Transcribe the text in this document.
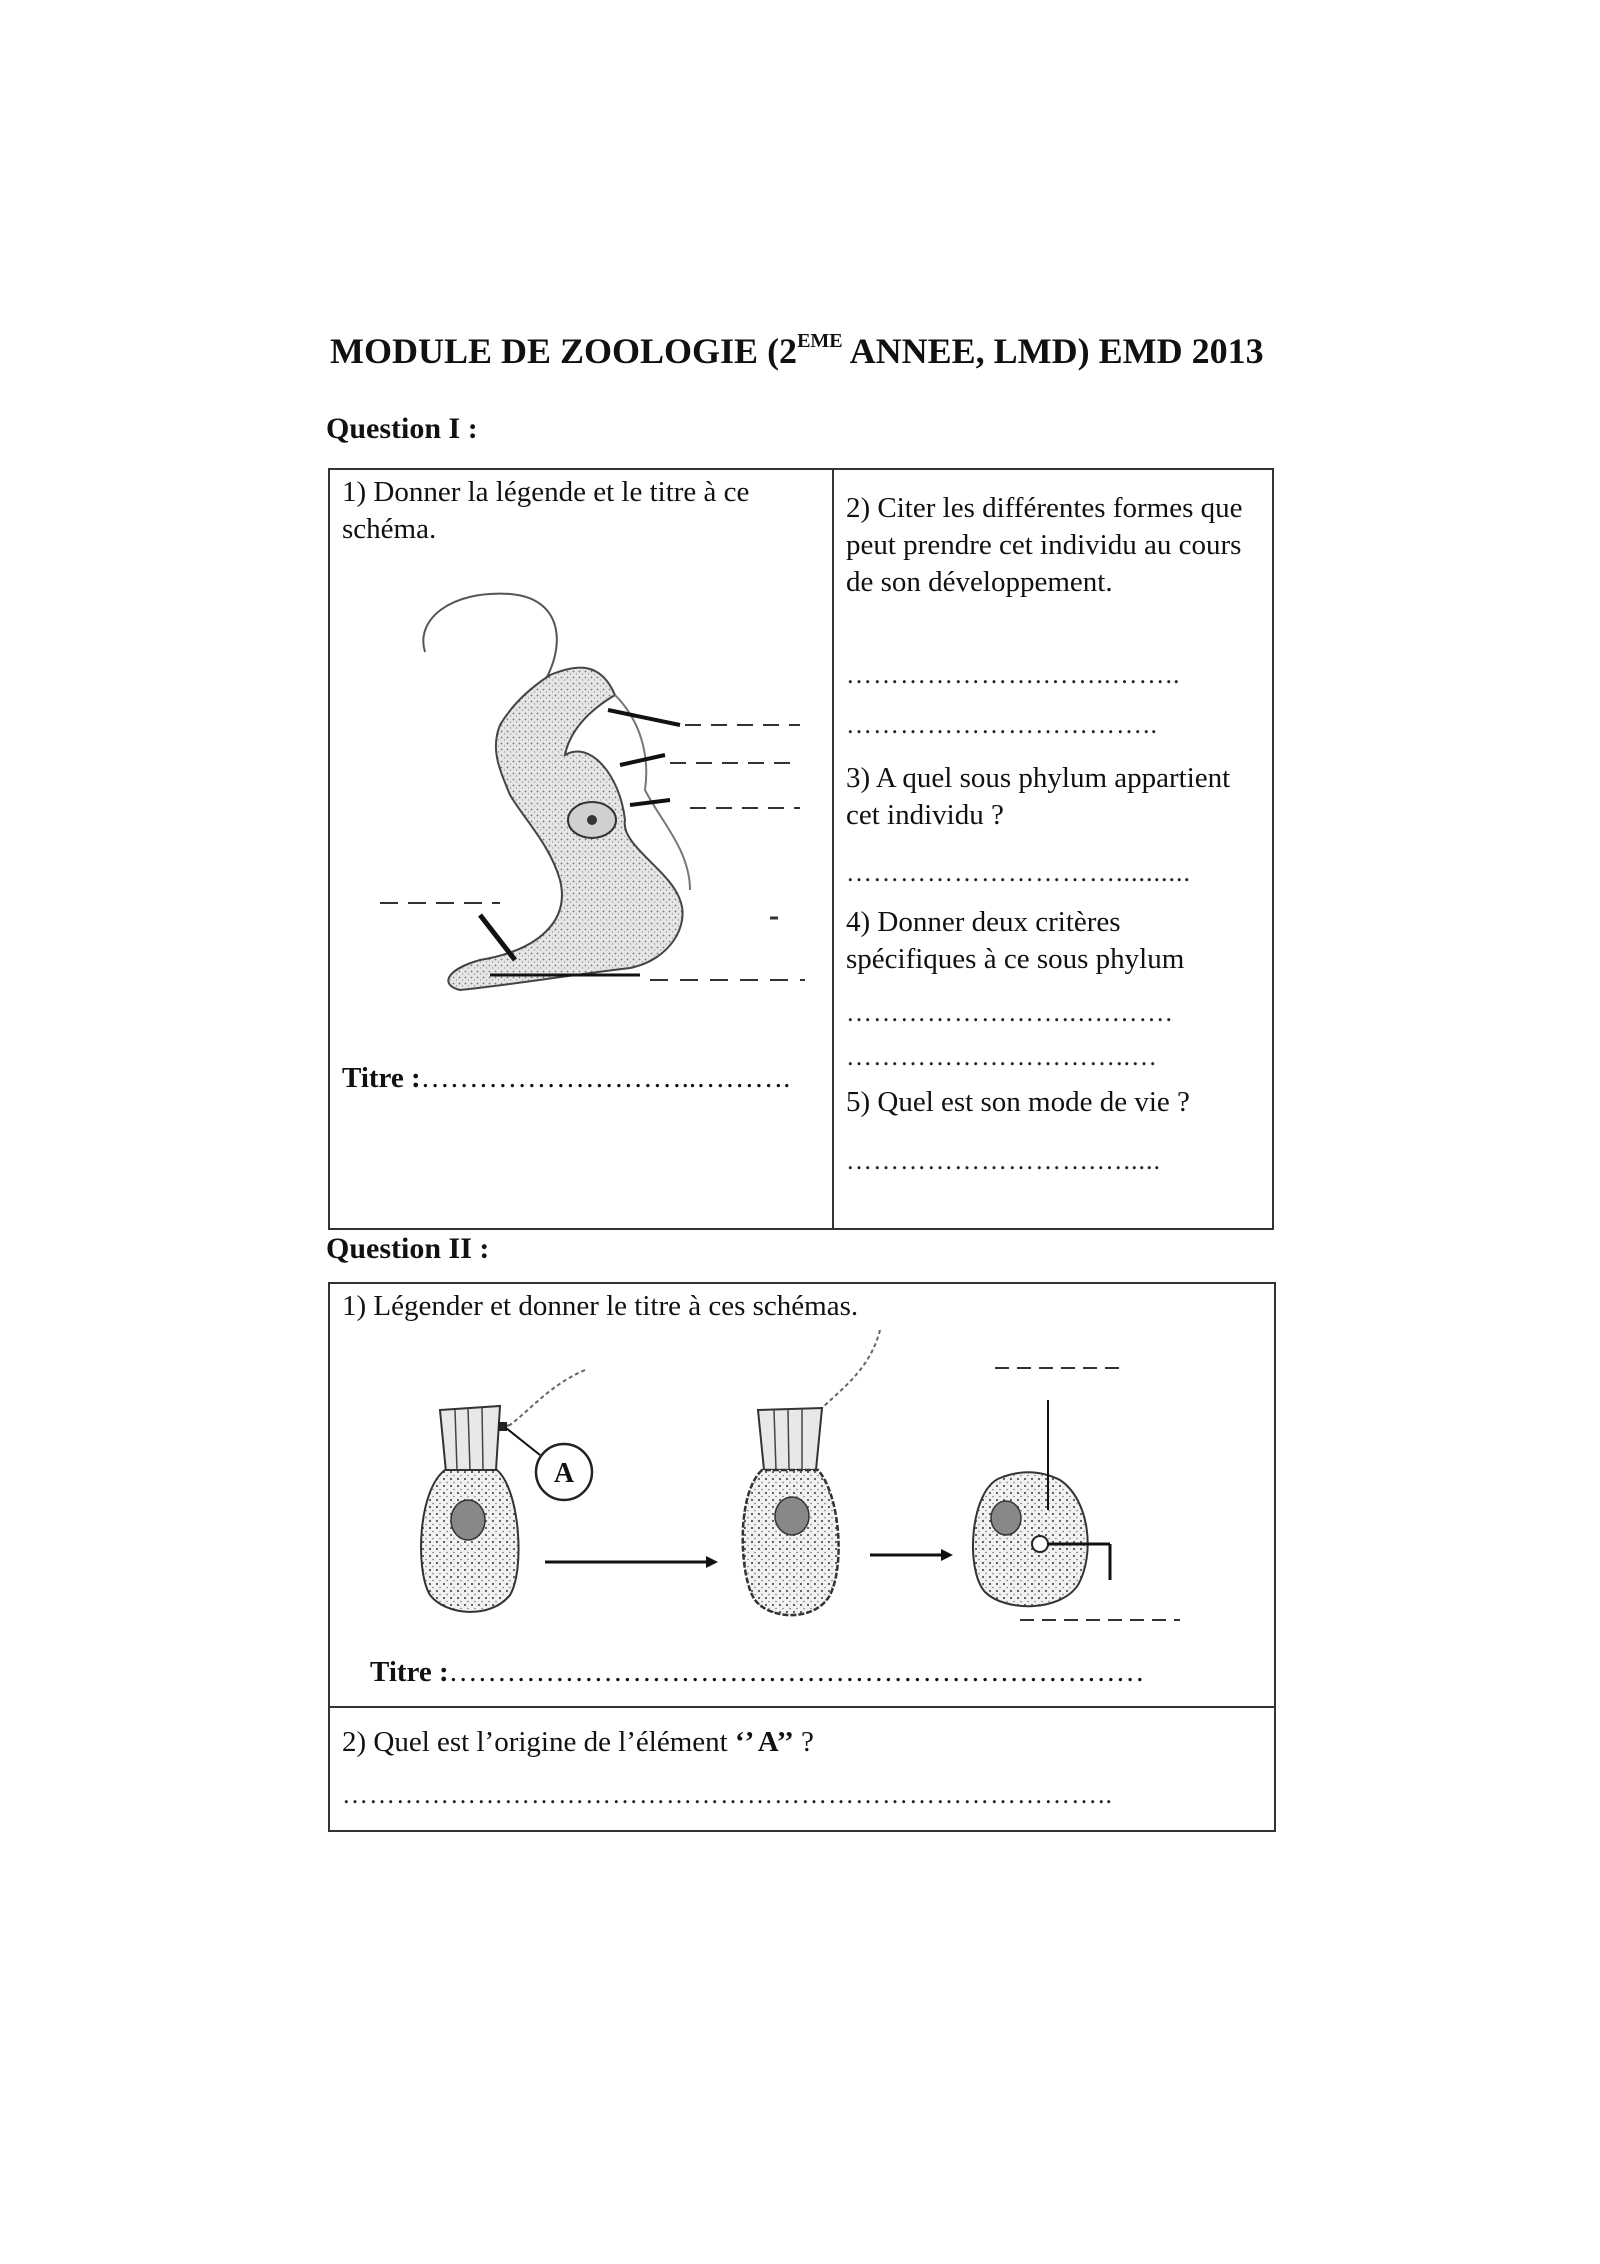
MODULE DE ZOOLOGIE (2EME ANNEE, LMD) EMD 2013
Question I :
1) Donner la légende et le titre à ce schéma.
Titre :………………………..……….
2) Citer les différentes formes que peut prendre cet individu au cours de son développement.
………………….……..……..
……………………………..
3) A quel sous phylum appartient cet individu ?
…………………………..........
4) Donner deux critères spécifiques à ce sous phylum
……………………..….…….
…………………………..…
5) Quel est son mode de vie ?
……………………….….....
Question II :
1) Légender et donner le titre à ces schémas.
A
Titre :………………………………………………………………
2) Quel est l’origine de l’élément ‘’ A’’ ?
…………………………………………………………………………..
